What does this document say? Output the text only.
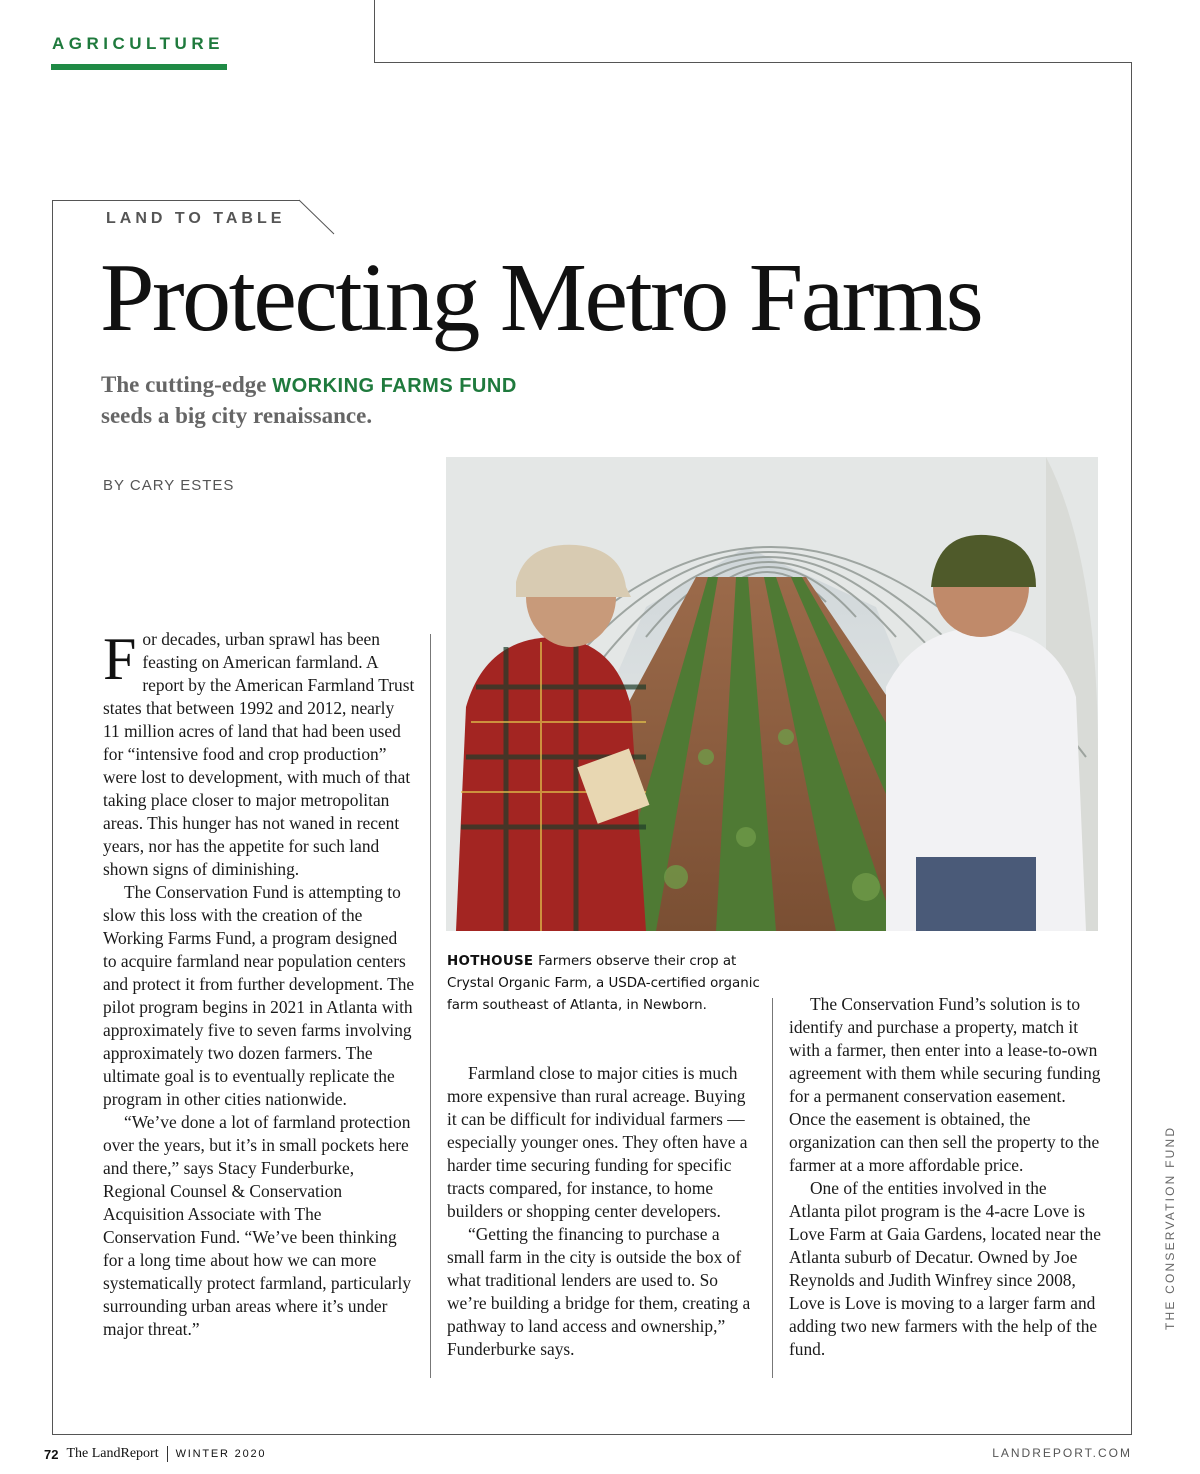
AGRICULTURE
LAND TO TABLE
Protecting Metro Farms
The cutting-edge WORKING FARMS FUND
seeds a big city renaissance.
BY CARY ESTES
HOTHOUSE Farmers observe their crop at Crystal Organic Farm, a USDA-certified organic farm southeast of Atlanta, in Newborn.

For decades, urban sprawl has been feasting on American farmland. A report by the American Farmland Trust states that between 1992 and 2012, nearly 11 million acres of land that had been used for “intensive food and crop production” were lost to development, with much of that taking place closer to major metropolitan areas. This hunger has not waned in recent years, nor has the appetite for such land shown signs of diminishing.

The Conservation Fund is attempting to slow this loss with the creation of the Working Farms Fund, a program designed to acquire farmland near population centers and protect it from further development. The pilot program begins in 2021 in Atlanta with approximately five to seven farms involving approximately two dozen farmers. The ultimate goal is to eventually replicate the program in other cities nationwide.

“We’ve done a lot of farmland protection over the years, but it’s in small pockets here and there,” says Stacy Funderburke, Regional Counsel & Conservation Acquisition Associate with The Conservation Fund. “We’ve been thinking for a long time about how we can more systematically protect farmland, particularly surrounding urban areas where it’s under major threat.”

Farmland close to major cities is much more expensive than rural acreage. Buying it can be difficult for individual farmers — especially younger ones. They often have a harder time securing funding for specific tracts compared, for instance, to home builders or shopping center developers.

“Getting the financing to purchase a small farm in the city is outside the box of what traditional lenders are used to. So we’re building a bridge for them, creating a pathway to land access and ownership,” Funderburke says.

The Conservation Fund’s solution is to identify and purchase a property, match it with a farmer, then enter into a lease-to-own agreement with them while securing funding for a permanent conservation easement. Once the easement is obtained, the organization can then sell the property to the farmer at a more affordable price.

One of the entities involved in the Atlanta pilot program is the 4-acre Love is Love Farm at Gaia Gardens, located near the Atlanta suburb of Decatur. Owned by Joe Reynolds and Judith Winfrey since 2008, Love is Love is moving to a larger farm and adding two new farmers with the help of the fund.

THE CONSERVATION FUND
72 The LandReport WINTER 2020	LANDREPORT.COM
